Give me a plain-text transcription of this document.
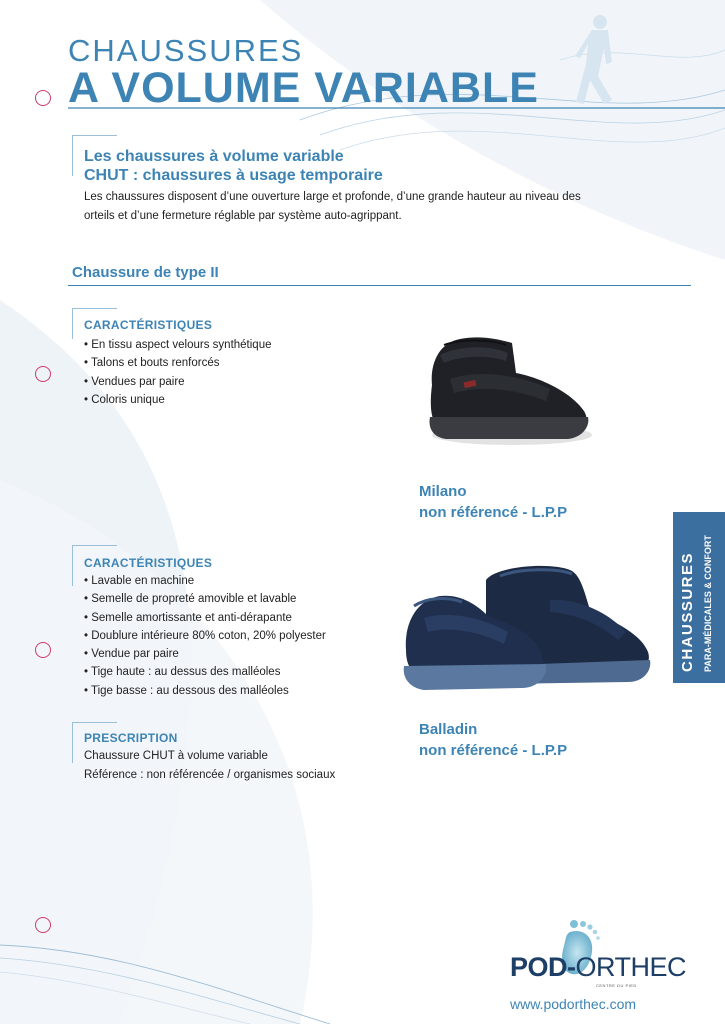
CHAUSSURES
A VOLUME VARIABLE
Les chaussures à volume variable
CHUT : chaussures à usage temporaire
Les chaussures disposent d’une ouverture large et profonde, d’une grande hauteur au niveau des
orteils et d’une fermeture réglable par système auto-agrippant.
Chaussure de type II
CARACTÉRISTIQUES
• En tissu aspect velours synthétique
• Talons et bouts renforcés
• Vendues par paire
• Coloris unique
Milano
non référencé - L.P.P
CARACTÉRISTIQUES
• Lavable en machine
• Semelle de propreté amovible et lavable
• Semelle amortissante et anti-dérapante
• Doublure intérieure 80% coton, 20% polyester
• Vendue par paire
• Tige haute : au dessus des malléoles
• Tige basse : au dessous des malléoles
Balladin
non référencé - L.P.P
PRESCRIPTION
Chaussure CHUT à volume variable
Référence : non référencée / organismes sociaux
CHAUSSURES PARA-MÉDICALES & CONFORT
POD-ORTHEC
CENTRE DU PIED
www.podorthec.com
